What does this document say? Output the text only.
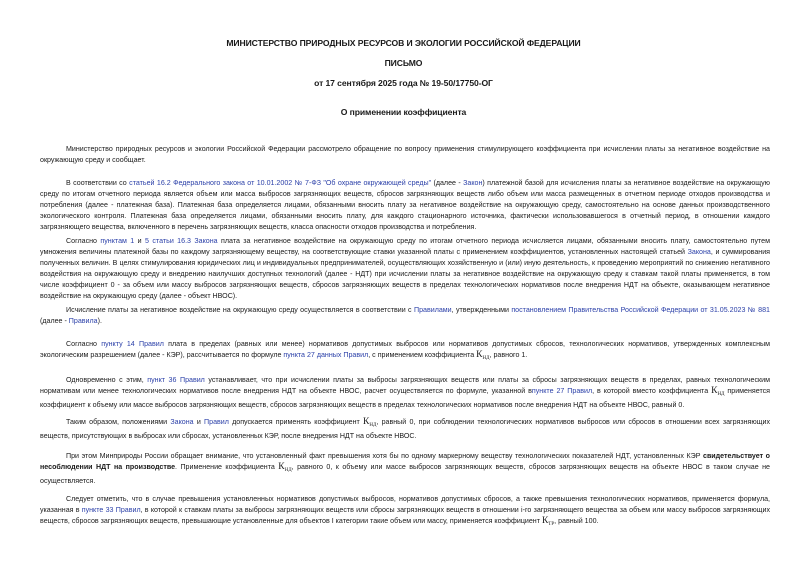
МИНИСТЕРСТВО ПРИРОДНЫХ РЕСУРСОВ И ЭКОЛОГИИ РОССИЙСКОЙ ФЕДЕРАЦИИ
ПИСЬМО
от 17 сентября 2025 года № 19-50/17750-ОГ
О применении коэффициента

Министерство природных ресурсов и экологии Российской Федерации рассмотрело обращение по вопросу применения стимулирующего коэффициента при исчислении платы за негативное воздействие на окружающую среду и сообщает.

В соответствии со статьей 16.2 Федерального закона от 10.01.2002 № 7-ФЗ "Об охране окружающей среды" (далее - Закон) платежной базой для исчисления платы за негативное воздействие на окружающую среду по итогам отчетного периода является объем или масса выбросов загрязняющих веществ, сбросов загрязняющих веществ либо объем или масса размещенных в отчетном периоде отходов производства и потребления (далее - платежная база). Платежная база определяется лицами, обязанными вносить плату за негативное воздействие на окружающую среду, самостоятельно на основе данных производственного экологического контроля. Платежная база определяется лицами, обязанными вносить плату, для каждого стационарного источника, фактически использовавшегося в отчетный период, в отношении каждого загрязняющего вещества, включенного в перечень загрязняющих веществ, класса опасности отходов производства и потребления.

Согласно пунктам 1 и 5 статьи 16.3 Закона плата за негативное воздействие на окружающую среду по итогам отчетного периода исчисляется лицами, обязанными вносить плату, самостоятельно путем умножения величины платежной базы по каждому загрязняющему веществу, на соответствующие ставки указанной платы с применением коэффициентов, установленных настоящей статьей Закона, и суммирования полученных величин. В целях стимулирования юридических лиц и индивидуальных предпринимателей, осуществляющих хозяйственную и (или) иную деятельность, к проведению мероприятий по снижению негативного воздействия на окружающую среду и внедрению наилучших доступных технологий (далее - НДТ) при исчислении платы за негативное воздействие на окружающую среду к ставкам такой платы применяется, в том числе коэффициент 0 - за объем или массу выбросов загрязняющих веществ, сбросов загрязняющих веществ в пределах технологических нормативов после внедрения НДТ на объекте, оказывающем негативное воздействие на окружающую среду (далее - объект НВОС).

Исчисление платы за негативное воздействие на окружающую среду осуществляется в соответствии с Правилами, утвержденными постановлением Правительства Российской Федерации от 31.05.2023 № 881 (далее - Правила).

Согласно пункту 14 Правил плата в пределах (равных или менее) нормативов допустимых выбросов или нормативов допустимых сбросов, технологических нормативов, утвержденных комплексным экологическим разрешением (далее - КЭР), рассчитывается по формуле пункта 27 данных Правил, с применением коэффициента $К_{НД}$, равного 1.

Одновременно с этим, пункт 36 Правил устанавливает, что при исчислении платы за выбросы загрязняющих веществ или платы за сбросы загрязняющих веществ в пределах, равных технологическим нормативам или менее технологических нормативов после внедрения НДТ на объекте НВОС, расчет осуществляется по формуле, указанной впункте 27 Правил, в которой вместо коэффициента $К_{НД}$ применяется коэффициент к объему или массе выбросов загрязняющих веществ, сбросов загрязняющих веществ в пределах технологических нормативов после внедрения НДТ на объекте НВОС, равный 0.

Таким образом, положениями Закона и Правил допускается применять коэффициент $К_{НД}$, равный 0, при соблюдении технологических нормативов выбросов или сбросов в отношении всех загрязняющих веществ, присутствующих в выбросах или сбросах, установленных КЭР, после внедрения НДТ на объекте НВОС.

При этом Минприроды России обращает внимание, что установленный факт превышения хотя бы по одному маркерному веществу технологических показателей НДТ, установленных КЭР свидетельствует о несоблюдении НДТ на производстве. Применение коэффициента $К_{НД}$, равного 0, к объему или массе выбросов загрязняющих веществ, сбросов загрязняющих веществ на объекте НВОС в таком случае не осуществляется.

Следует отметить, что в случае превышения установленных нормативов допустимых выбросов, нормативов допустимых сбросов, а также превышения технологических нормативов, применяется формула, указанная в пункте 33 Правил, в которой к ставкам платы за выбросы загрязняющих веществ или сбросы загрязняющих веществ в отношении i-го загрязняющего вещества за объем или массу выбросов загрязняющих веществ, сбросов загрязняющих веществ, превышающие установленные для объектов I категории такие объем или массу, применяется коэффициент $К_{ТР}$, равный 100.
